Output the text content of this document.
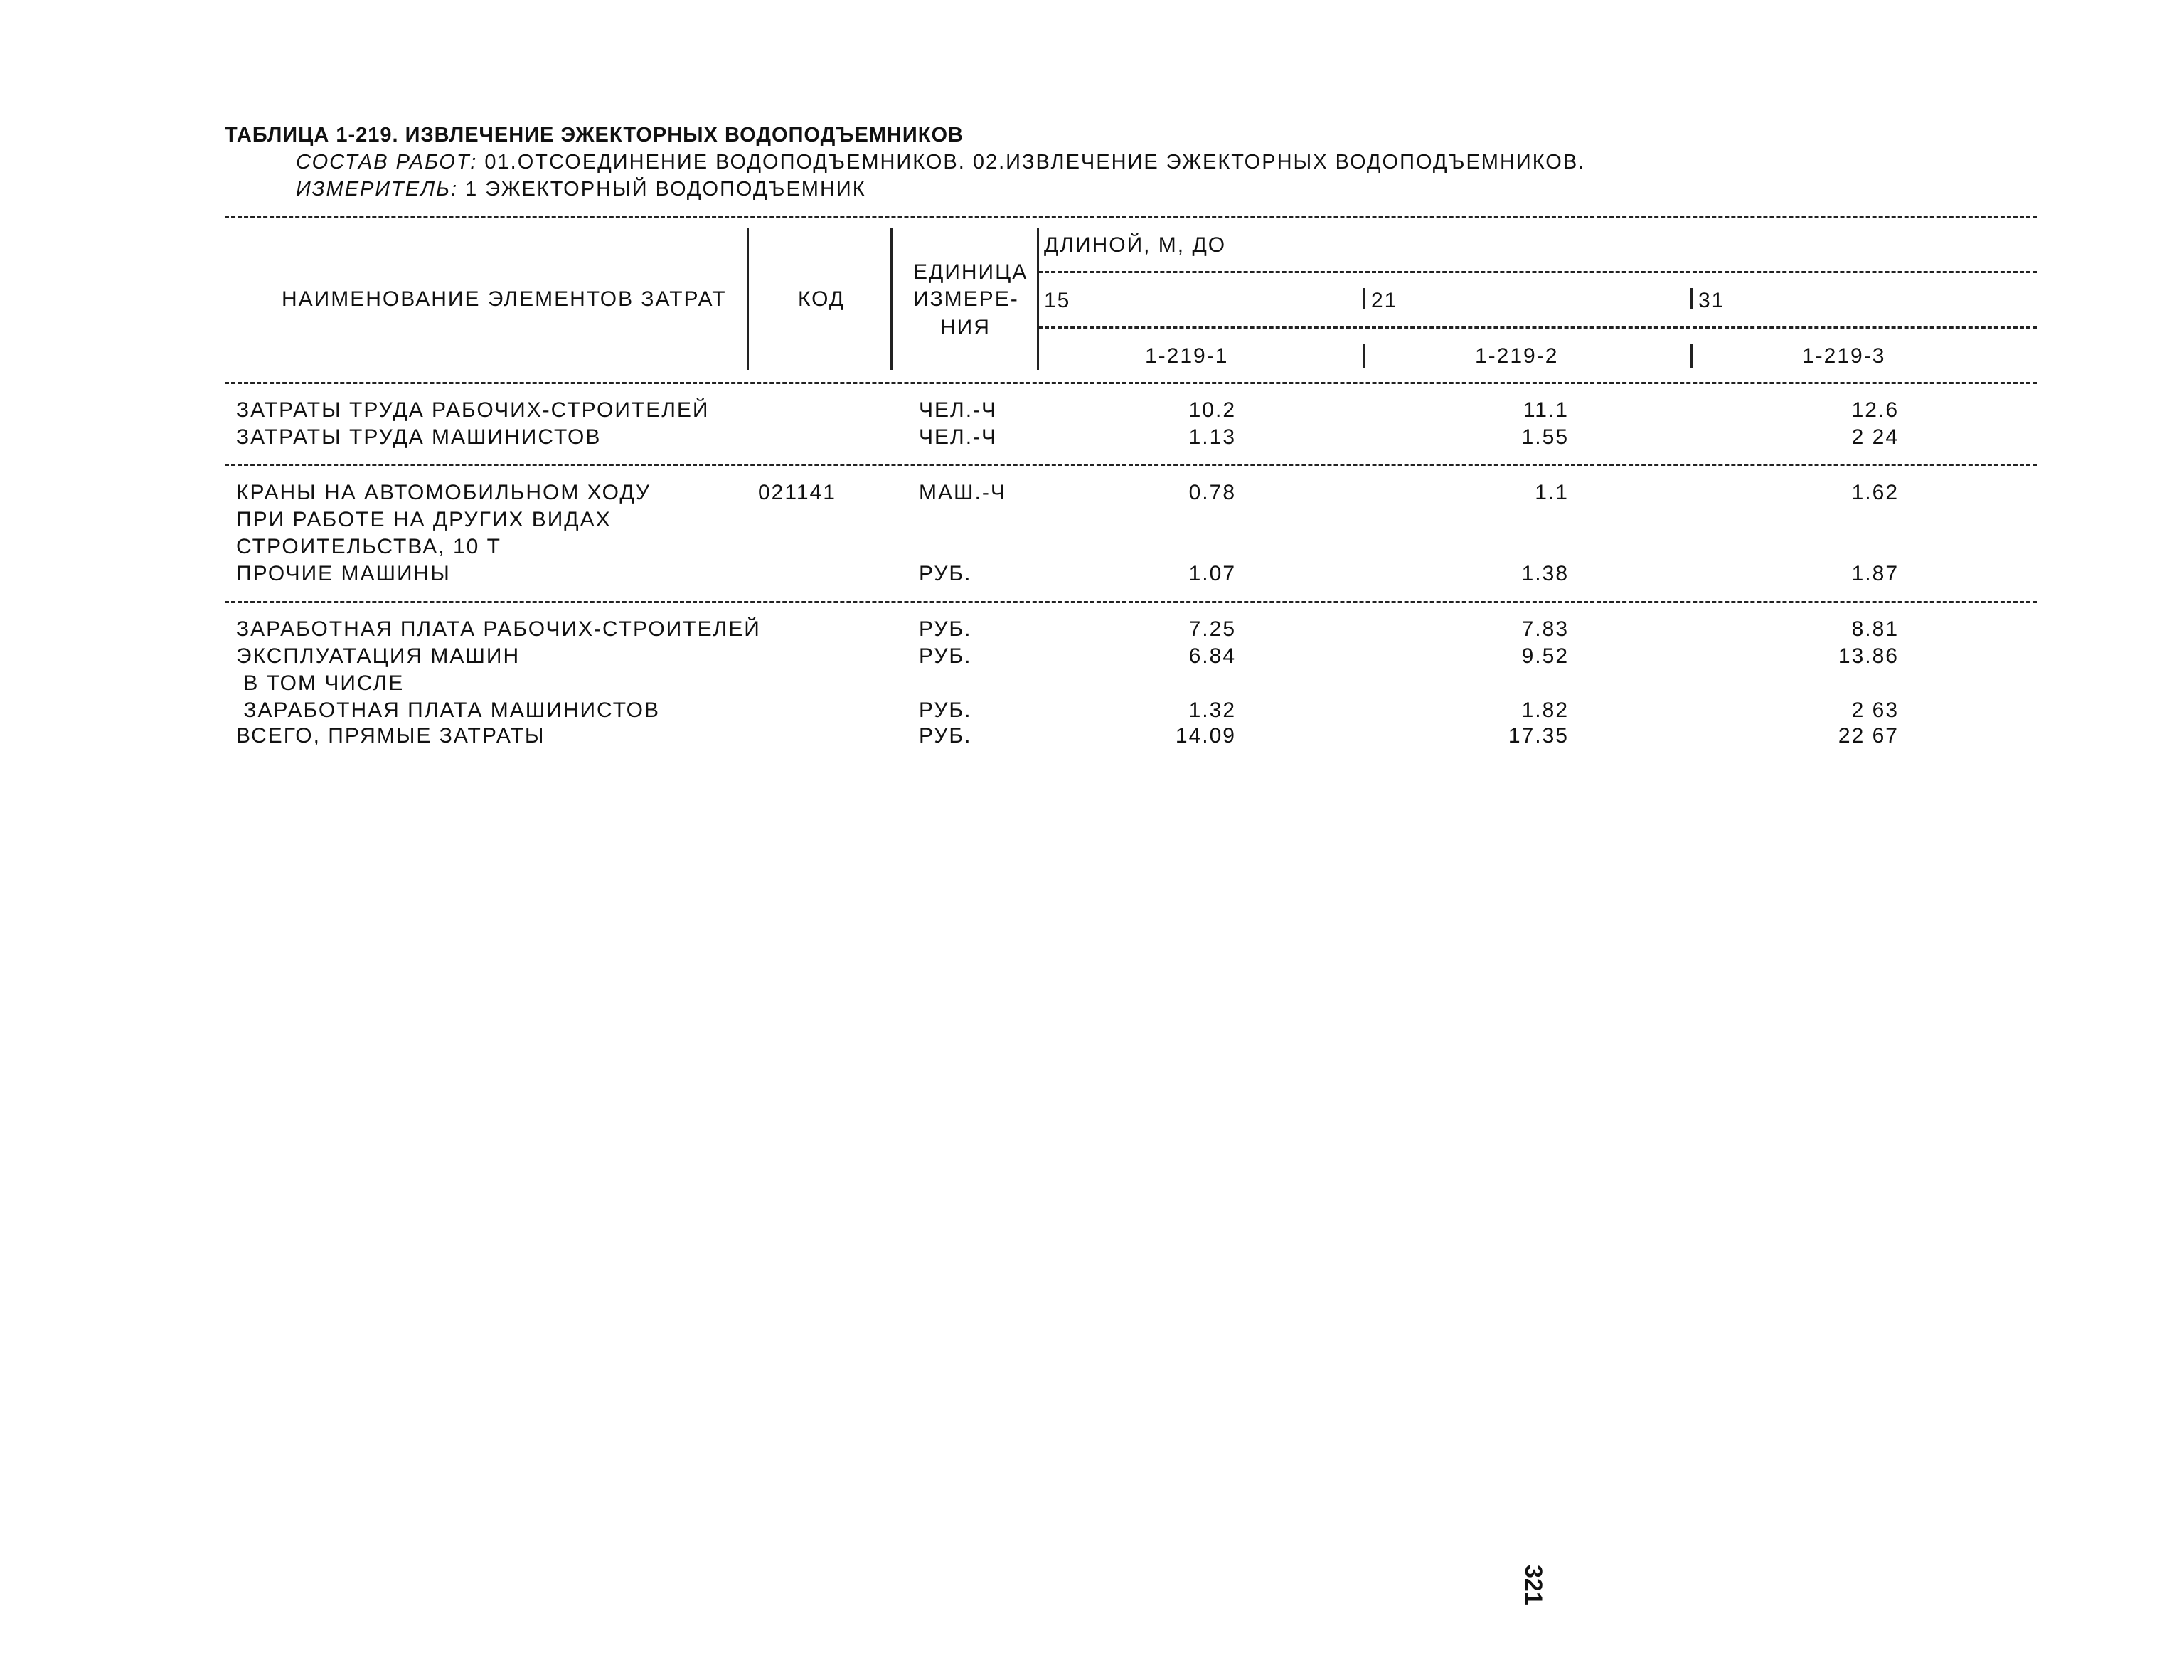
ТАБЛИЦА 1-219. ИЗВЛЕЧЕНИЕ ЭЖЕКТОРНЫХ ВОДОПОДЪЕМНИКОВ
СОСТАВ РАБОТ: 01.ОТСОЕДИНЕНИЕ ВОДОПОДЪЕМНИКОВ. 02.ИЗВЛЕЧЕНИЕ ЭЖЕКТОРНЫХ ВОДОПОДЪЕМНИКОВ.
ИЗМЕРИТЕЛЬ: 1 ЭЖЕКТОРНЫЙ ВОДОПОДЪЕМНИК
НАИМЕНОВАНИЕ ЭЛЕМЕНТОВ ЗАТРАТ	КОД
ЕДИНИЦА
ИЗМЕРЕ-
НИЯ
ДЛИНОЙ, М, ДО
15	21	31
1-219-1	1-219-2	1-219-3
ЗАТРАТЫ ТРУДА РАБОЧИХ-СТРОИТЕЛЕЙ	ЧЕЛ.-Ч	10.2	11.1	12.6
ЗАТРАТЫ ТРУДА МАШИНИСТОВ	ЧЕЛ.-Ч	1.13	1.55	2 24
КРАНЫ НА АВТОМОБИЛЬНОМ ХОДУ	021141	МАШ.-Ч	0.78	1.1	1.62
ПРИ РАБОТЕ НА ДРУГИХ ВИДАХ
СТРОИТЕЛЬСТВА, 10 Т
ПРОЧИЕ МАШИНЫ	РУБ.	1.07	1.38	1.87
ЗАРАБОТНАЯ ПЛАТА РАБОЧИХ-СТРОИТЕЛЕЙ	РУБ.	7.25	7.83	8.81
ЭКСПЛУАТАЦИЯ МАШИН	РУБ.	6.84	9.52	13.86
В ТОМ ЧИСЛЕ
ЗАРАБОТНАЯ ПЛАТА МАШИНИСТОВ	РУБ.	1.32	1.82	2 63
ВСЕГО, ПРЯМЫЕ ЗАТРАТЫ	РУБ.	14.09	17.35	22 67
321
